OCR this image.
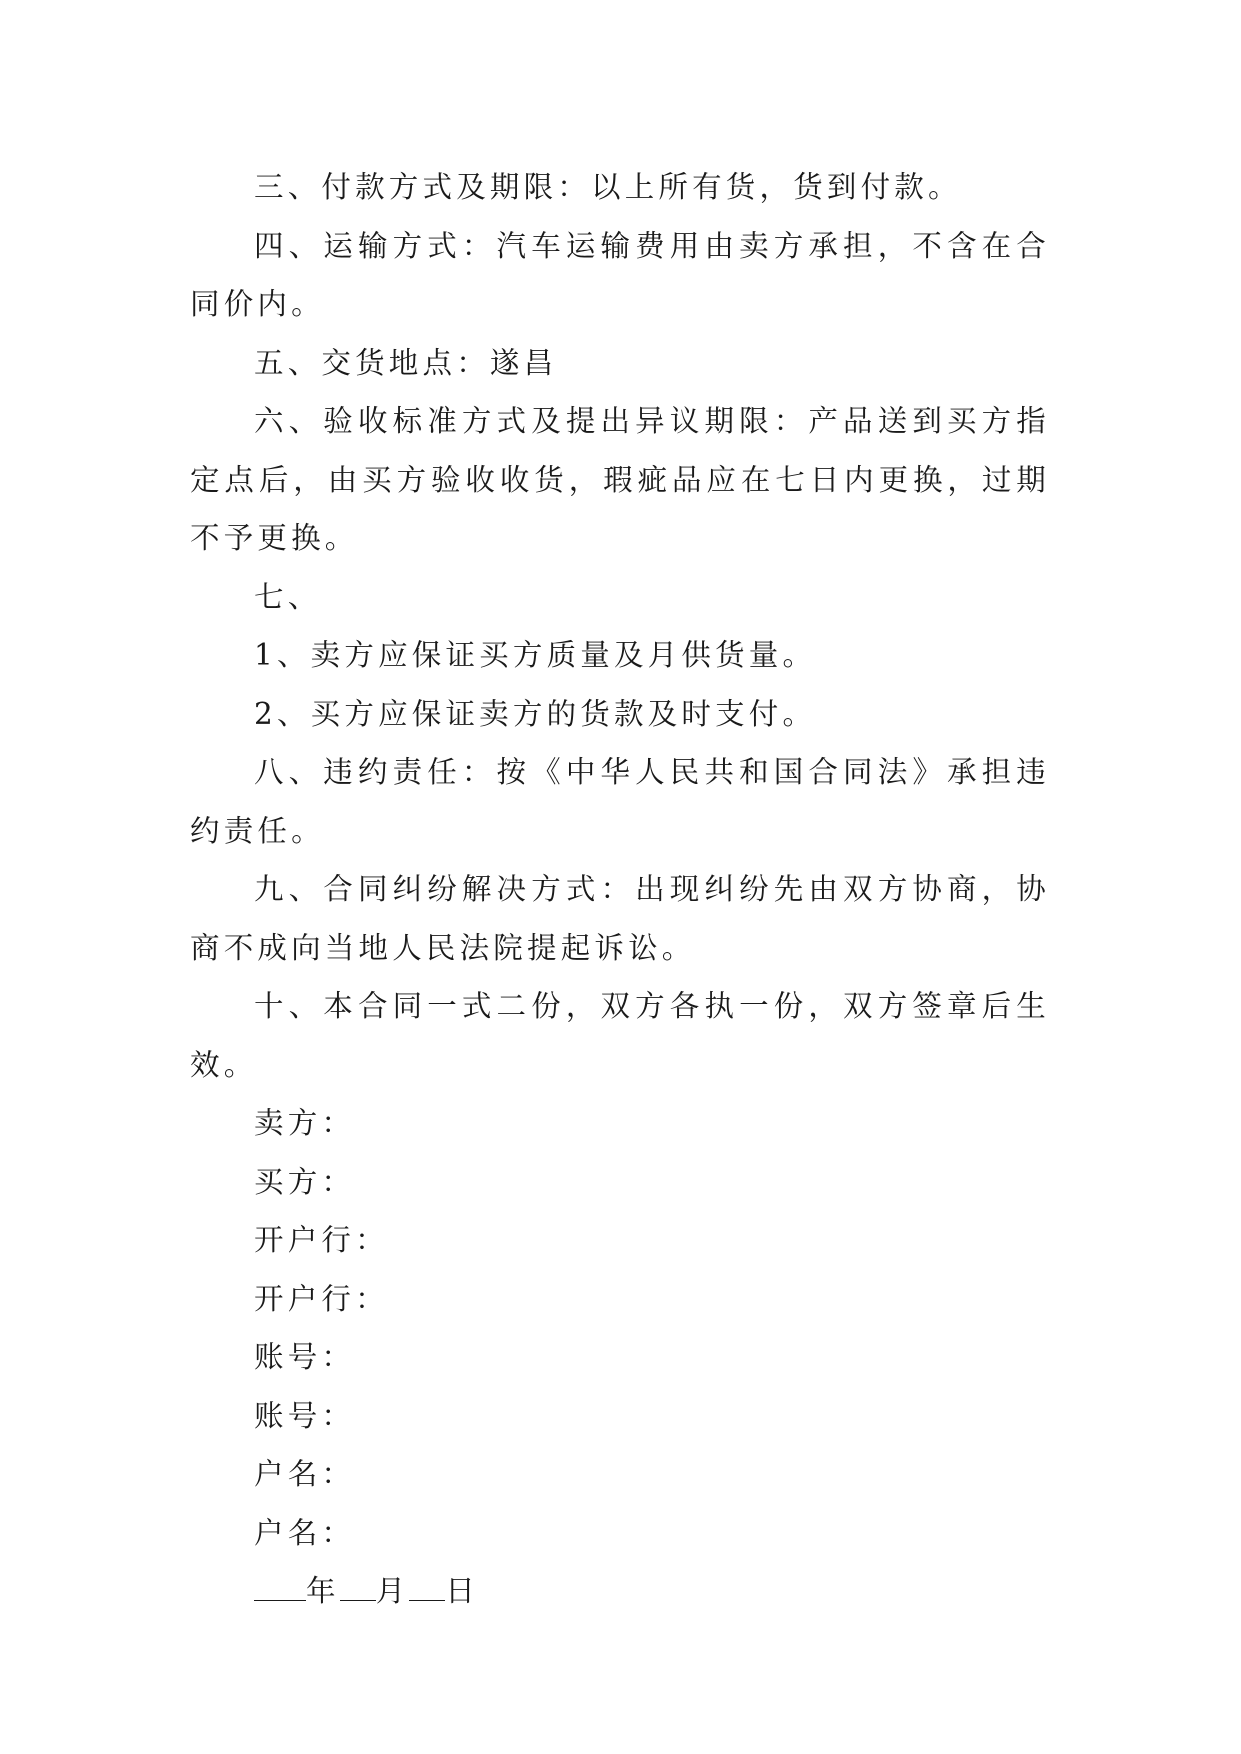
三、付款方式及期限：以上所有货，货到付款。

四、运输方式：汽车运输费用由卖方承担，不含在合同价内。

五、交货地点：遂昌

六、验收标准方式及提出异议期限：产品送到买方指定点后，由买方验收收货，瑕疵品应在七日内更换，过期不予更换。

七、

1、卖方应保证买方质量及月供货量。

2、买方应保证卖方的货款及时支付。

八、违约责任：按《中华人民共和国合同法》承担违约责任。

九、合同纠纷解决方式：出现纠纷先由双方协商，协商不成向当地人民法院提起诉讼。

十、本合同一式二份，双方各执一份，双方签章后生效。

卖方：

买方：

开户行：

开户行：

账号：

账号：

户名：

户名：

年 月 日
